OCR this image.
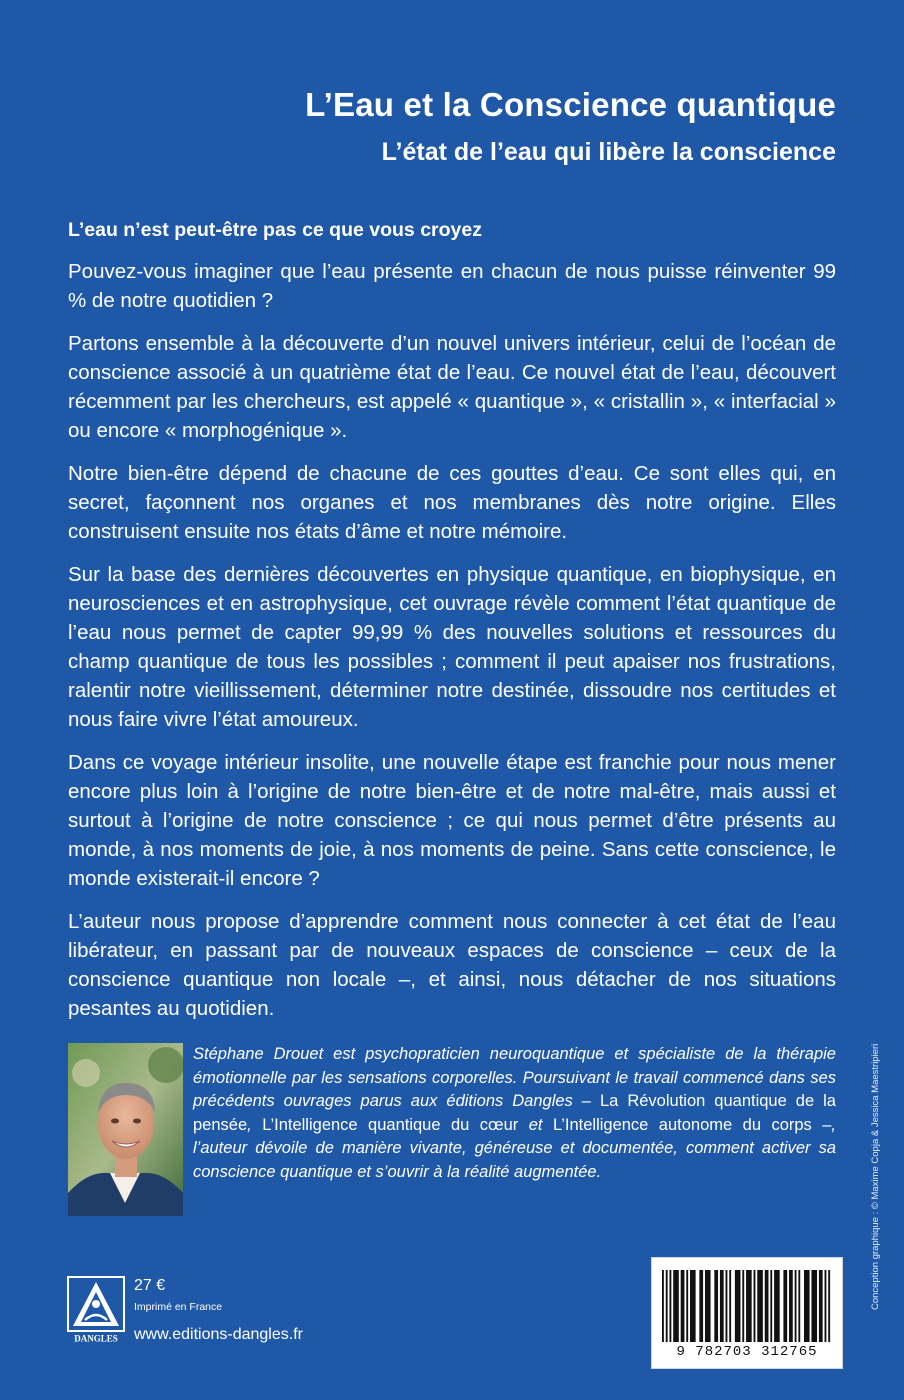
L’Eau et la Conscience quantique
L’état de l’eau qui libère la conscience
L’eau n’est peut-être pas ce que vous croyez

Pouvez-vous imaginer que l’eau présente en chacun de nous puisse réinventer 99 % de notre quotidien ?

Partons ensemble à la découverte d’un nouvel univers intérieur, celui de l’océan de conscience associé à un quatrième état de l’eau. Ce nouvel état de l’eau, découvert récemment par les chercheurs, est appelé « quantique », « cristallin », « interfacial » ou encore « morphogénique ».

Notre bien-être dépend de chacune de ces gouttes d’eau. Ce sont elles qui, en secret, façonnent nos organes et nos membranes dès notre origine. Elles construisent ensuite nos états d’âme et notre mémoire.

Sur la base des dernières découvertes en physique quantique, en biophysique, en neurosciences et en astrophysique, cet ouvrage révèle comment l’état quantique de l’eau nous permet de capter 99,99 % des nouvelles solutions et ressources du champ quantique de tous les possibles ; comment il peut apaiser nos frustrations, ralentir notre vieillissement, déterminer notre destinée, dissoudre nos certitudes et nous faire vivre l’état amoureux.

Dans ce voyage intérieur insolite, une nouvelle étape est franchie pour nous mener encore plus loin à l’origine de notre bien-être et de notre mal-être, mais aussi et surtout à l’origine de notre conscience ; ce qui nous permet d’être présents au monde, à nos moments de joie, à nos moments de peine. Sans cette conscience, le monde existerait-il encore ?

L’auteur nous propose d’apprendre comment nous connecter à cet état de l’eau libérateur, en passant par de nouveaux espaces de conscience – ceux de la conscience quantique non locale –, et ainsi, nous détacher de nos situations pesantes au quotidien.

Stéphane Drouet est psychopraticien neuroquantique et spécialiste de la thérapie émotionnelle par les sensations corporelles. Poursuivant le travail commencé dans ses précédents ouvrages parus aux éditions Dangles – La Révolution quantique de la pensée, L’Intelligence quantique du cœur et L’Intelligence autonome du corps –, l’auteur dévoile de manière vivante, généreuse et documentée, comment activer sa conscience quantique et s’ouvrir à la réalité augmentée.	Conception graphique : © Maxime Copja & Jessica Maestripieri
DANGLES
27 €
Imprimé en France
www.editions-dangles.fr
9 782703 312765
